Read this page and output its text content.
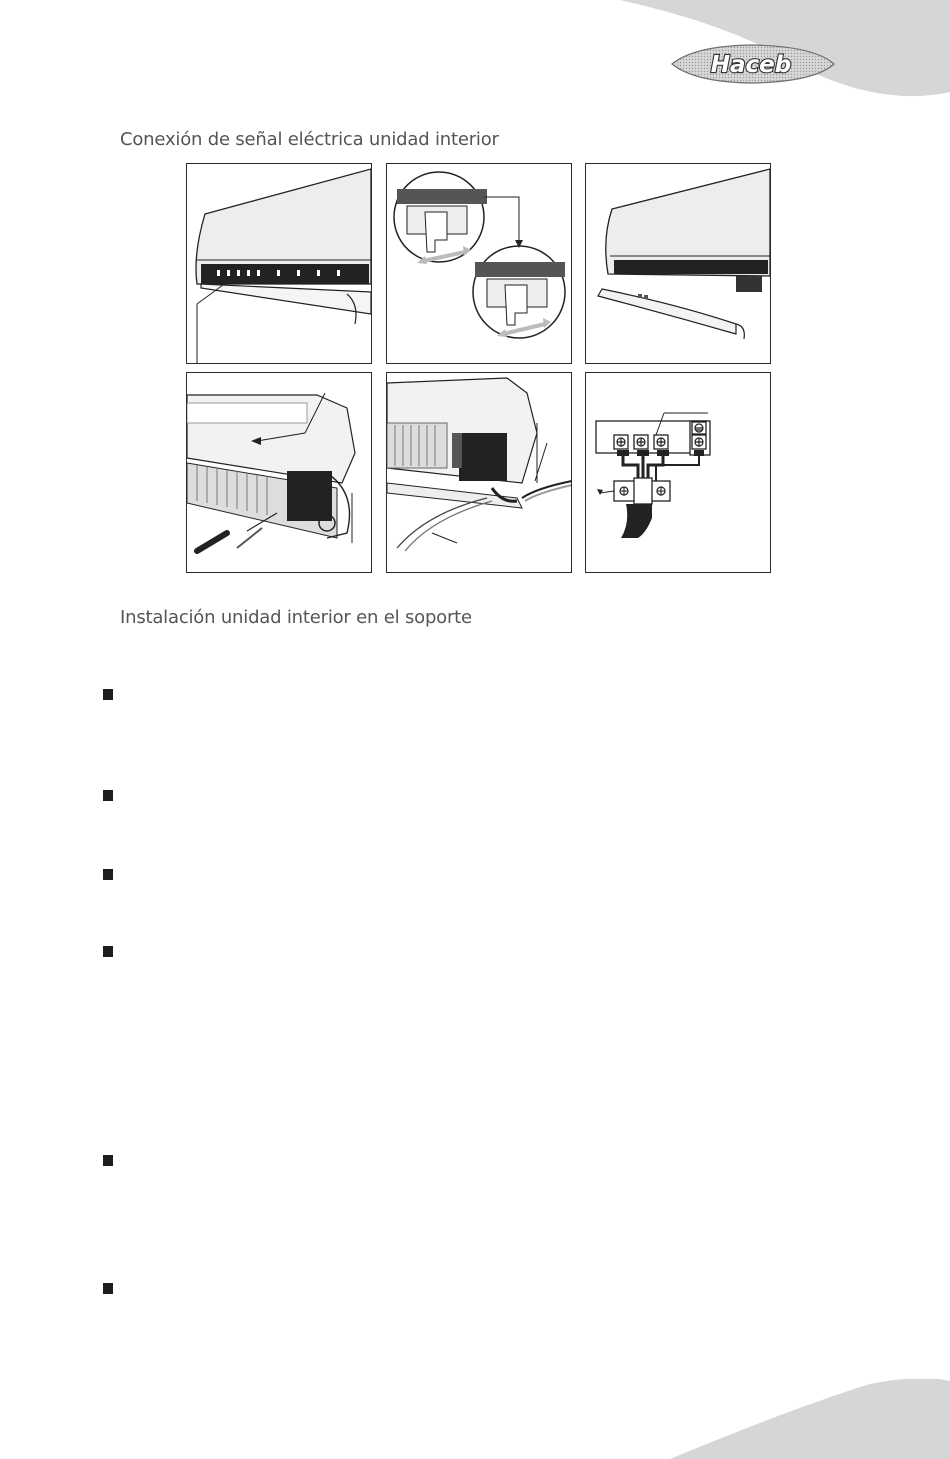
Haceb
Conexión de señal eléctrica unidad interior
Instalación unidad interior en el soporte
